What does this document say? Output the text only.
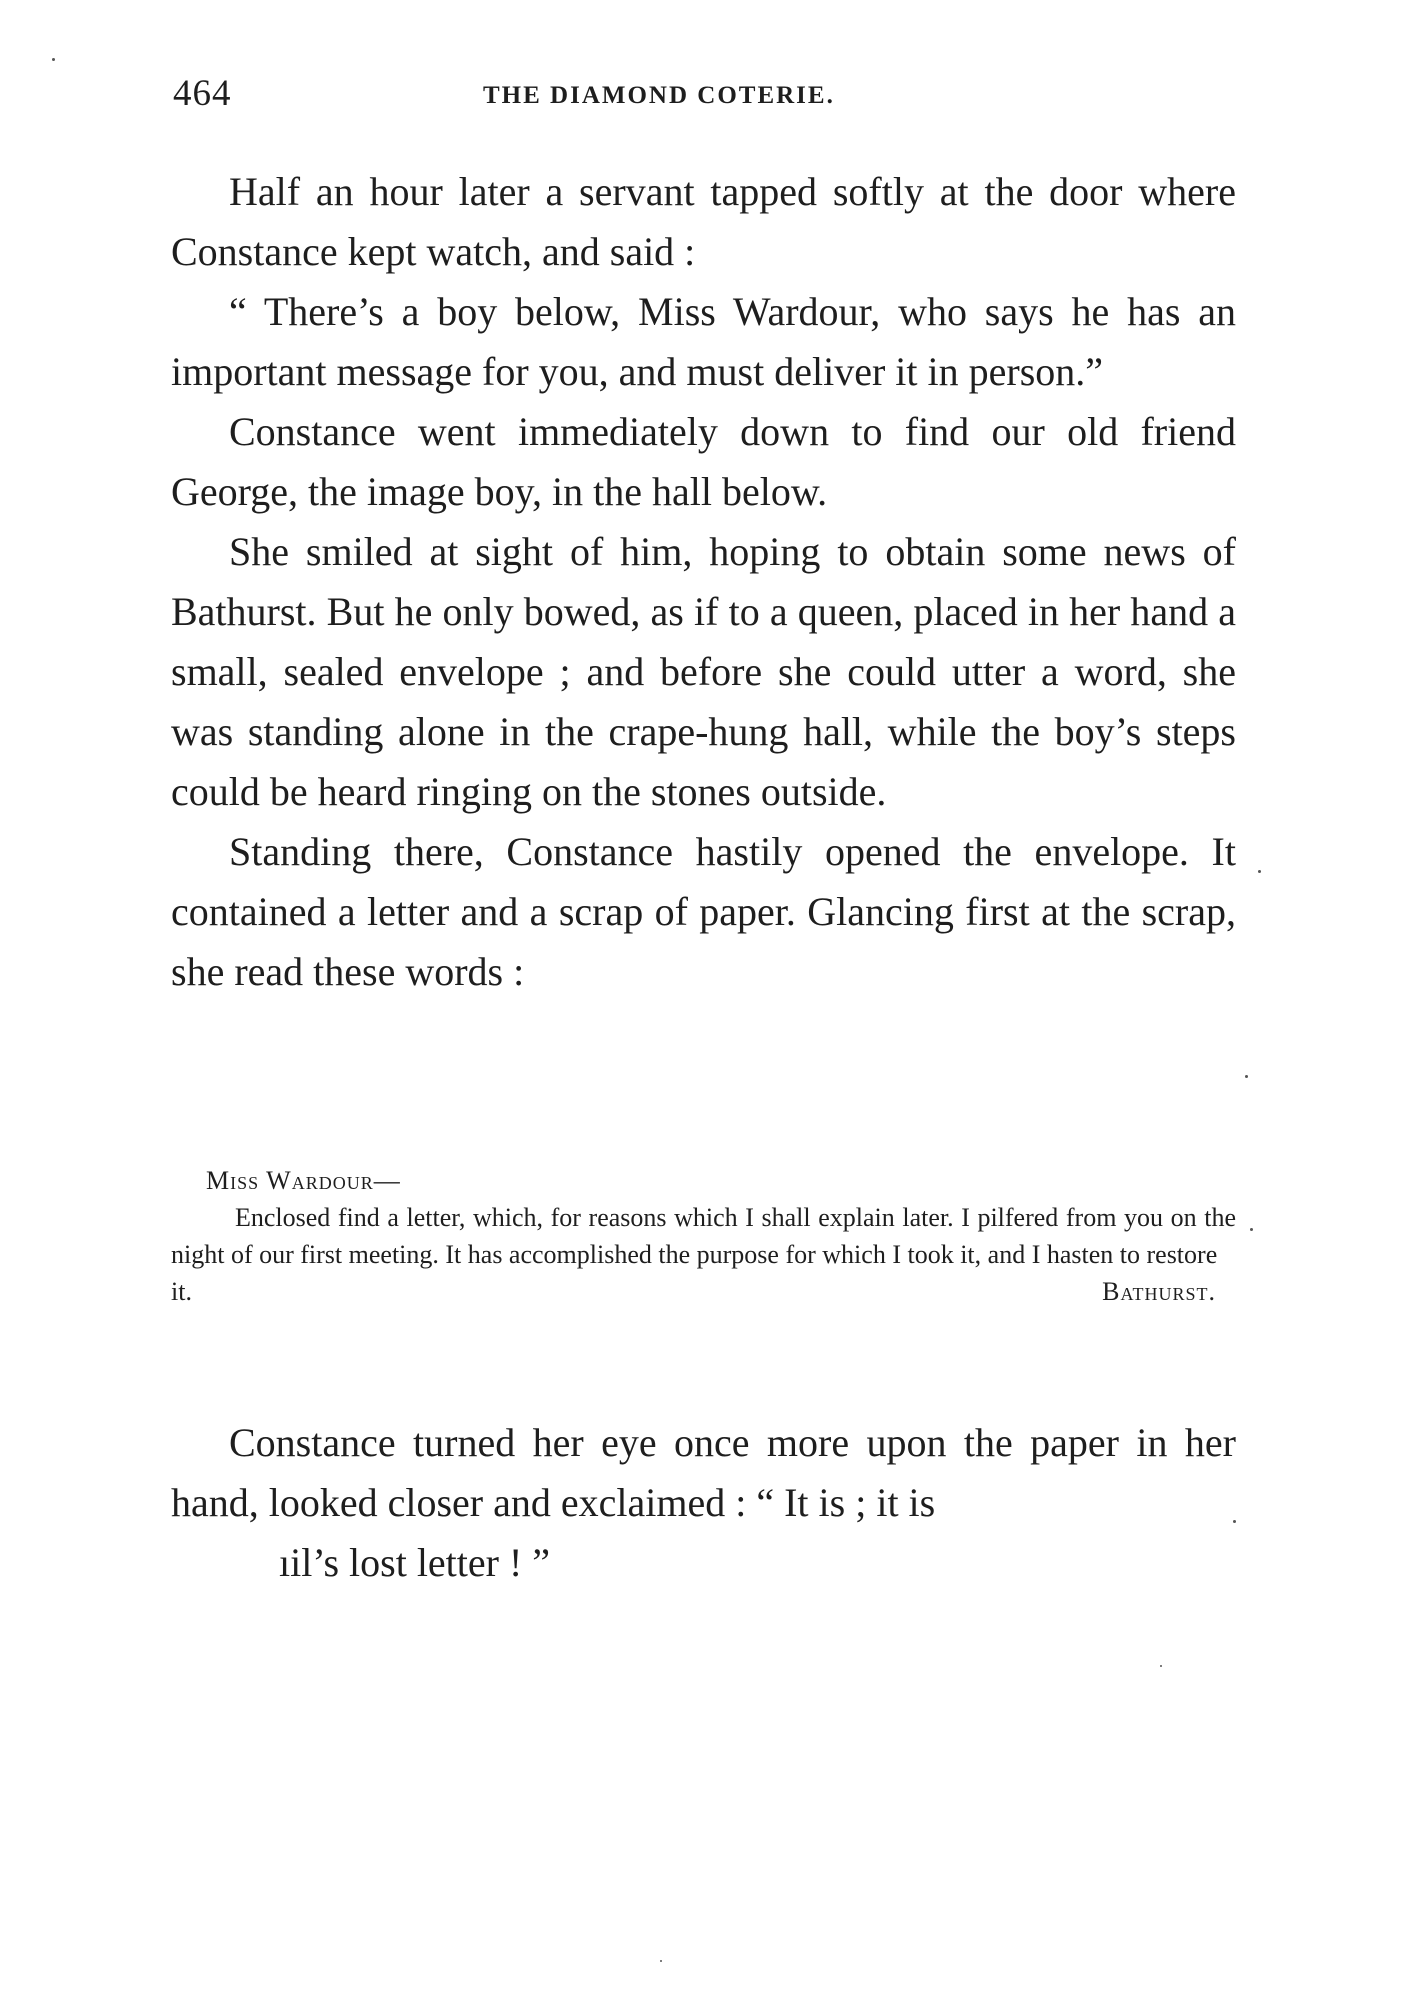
464	THE DIAMOND COTERIE.

Half an hour later a servant tapped softly at the door where Constance kept watch, and said :

“ There’s a boy below, Miss Wardour, who says he has an important message for you, and must deliver it in person.”

Constance went immediately down to find our old friend George, the image boy, in the hall below.

She smiled at sight of him, hoping to obtain some news of Bathurst. But he only bowed, as if to a queen, placed in her hand a small, sealed envelope ; and before she could utter a word, she was standing alone in the crape-hung hall, while the boy’s steps could be heard ringing on the stones outside.

Standing there, Constance hastily opened the envelope. It contained a letter and a scrap of paper. Glancing first at the scrap, she read these words :

Miss Wardour—

Enclosed find a letter, which, for reasons which I shall explain later. I pilfered from you on the night of our first meeting. It has accomplished the purpose for which I took it, and I hasten to restore

it.	Bathurst.

Constance turned her eye once more upon the paper in her hand, looked closer and exclaimed : “ It is ; it is

ıil’s lost letter ! ”
